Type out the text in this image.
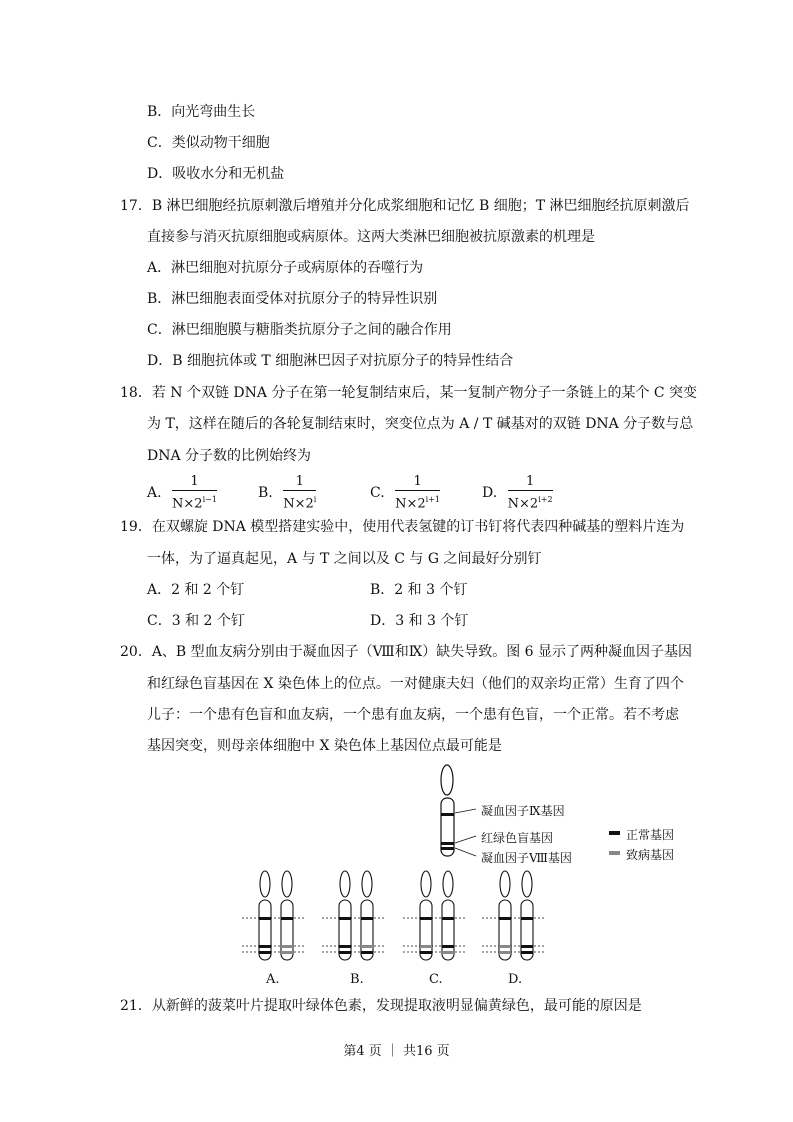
B．向光弯曲生长
C．类似动物干细胞
D．吸收水分和无机盐
17．B 淋巴细胞经抗原刺激后增殖并分化成浆细胞和记忆 B 细胞；T 淋巴细胞经抗原刺激后
直接参与消灭抗原细胞或病原体。这两大类淋巴细胞被抗原激素的机理是
A．淋巴细胞对抗原分子或病原体的吞噬行为
B．淋巴细胞表面受体对抗原分子的特异性识别
C．淋巴细胞膜与糖脂类抗原分子之间的融合作用
D．B 细胞抗体或 T 细胞淋巴因子对抗原分子的特异性结合
18．若 N 个双链 DNA 分子在第一轮复制结束后，某一复制产物分子一条链上的某个 C 突变
为 T，这样在随后的各轮复制结束时，突变位点为 A / T 碱基对的双链 DNA 分子数与总
DNA 分子数的比例始终为
A. $\frac{1}{N\times 2^{i-1}}$	B. $\frac{1}{N\times 2^i}$	C. $\frac{1}{N\times 2^{i+1}}$	D. $\frac{1}{N\times 2^{i+2}}$
19．在双螺旋 DNA 模型搭建实验中，使用代表氢键的订书钉将代表四种碱基的塑料片连为
一体，为了逼真起见，A 与 T 之间以及 C 与 G 之间最好分别钉
A．2 和 2 个钉	B．2 和 3 个钉
C．3 和 2 个钉	D．3 和 3 个钉
20．A、B 型血友病分别由于凝血因子（Ⅷ和Ⅸ）缺失导致。图 6 显示了两种凝血因子基因
和红绿色盲基因在 X 染色体上的位点。一对健康夫妇（他们的双亲均正常）生育了四个
儿子：一个患有色盲和血友病，一个患有血友病，一个患有色盲，一个正常。若不考虑
基因突变，则母亲体细胞中 X 染色体上基因位点最可能是
凝血因子Ⅸ基因
红绿色盲基因
凝血因子Ⅷ基因
正常基因
致病基因
A.	B.	C.	D.
21．从新鲜的菠菜叶片提取叶绿体色素，发现提取液明显偏黄绿色，最可能的原因是
第4 页 ｜ 共16 页
